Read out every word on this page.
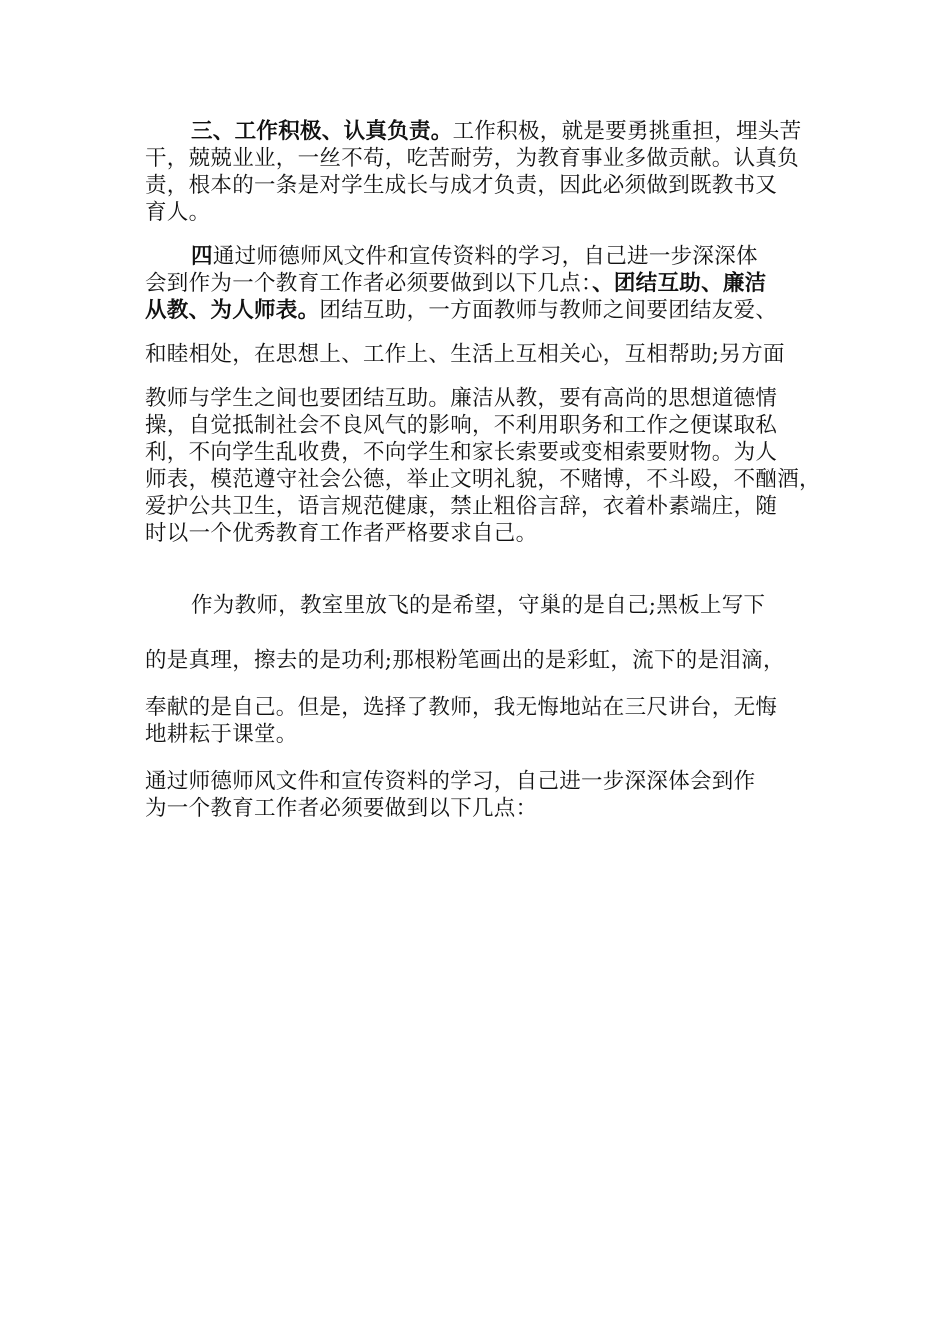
三、工作积极、认真负责。工作积极，就是要勇挑重担，埋头苦
干，兢兢业业，一丝不苟，吃苦耐劳，为教育事业多做贡献。认真负
责，根本的一条是对学生成长与成才负责，因此必须做到既教书又
育人。
四通过师德师风文件和宣传资料的学习，自己进一步深深体
会到作为一个教育工作者必须要做到以下几点：、团结互助、廉洁
从教、为人师表。团结互助，一方面教师与教师之间要团结友爱、
和睦相处，在思想上、工作上、生活上互相关心，互相帮助;另方面
教师与学生之间也要团结互助。廉洁从教，要有高尚的思想道德情
操，自觉抵制社会不良风气的影响，不利用职务和工作之便谋取私
利，不向学生乱收费，不向学生和家长索要或变相索要财物。为人
师表，模范遵守社会公德，举止文明礼貌，不赌博，不斗殴，不酗酒，
爱护公共卫生，语言规范健康，禁止粗俗言辞，衣着朴素端庄，随
时以一个优秀教育工作者严格要求自己。
作为教师，教室里放飞的是希望，守巢的是自己;黑板上写下
的是真理，擦去的是功利;那根粉笔画出的是彩虹，流下的是泪滴，
奉献的是自己。但是，选择了教师，我无悔地站在三尺讲台，无悔
地耕耘于课堂。
通过师德师风文件和宣传资料的学习，自己进一步深深体会到作
为一个教育工作者必须要做到以下几点：
